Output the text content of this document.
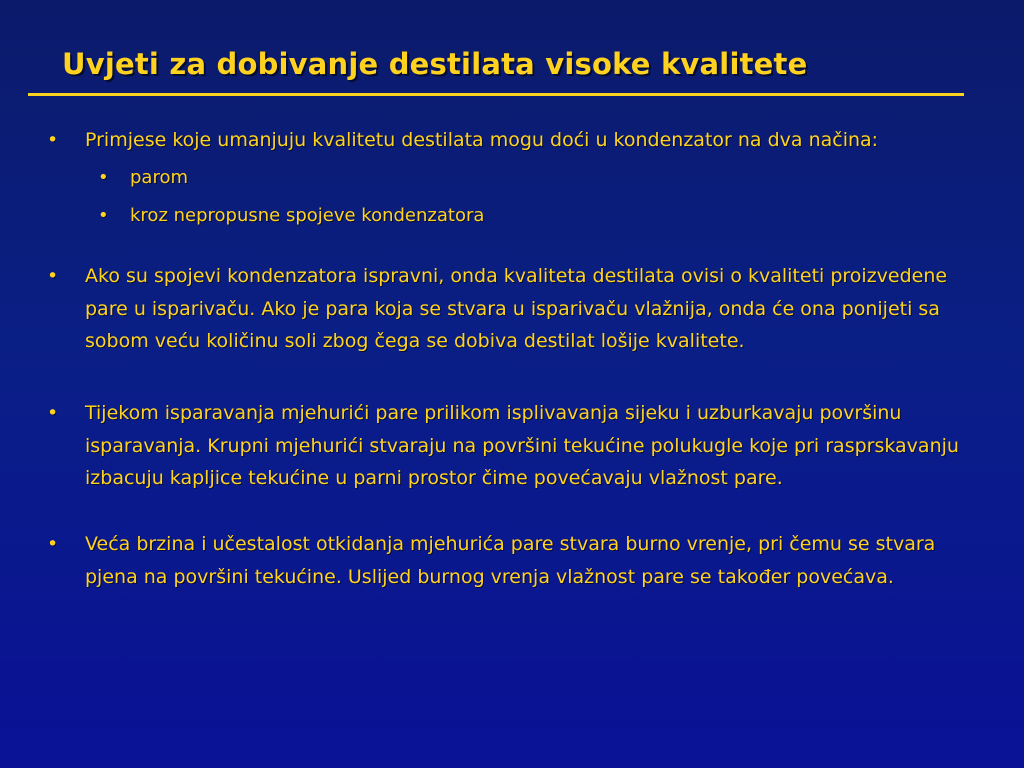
Uvjeti za dobivanje destilata visoke kvalitete
•	Primjese koje umanjuju kvalitetu destilata mogu doći u kondenzator na dva načina:
• parom
• kroz nepropusne spojeve kondenzatora
•	Ako su spojevi kondenzatora ispravni, onda kvaliteta destilata ovisi o kvaliteti proizvedene pare u isparivaču. Ako je para koja se stvara u isparivaču vlažnija, onda će ona ponijeti sa sobom veću količinu soli zbog čega se dobiva destilat lošije kvalitete.
•	Tijekom isparavanja mjehurići pare prilikom isplivavanja sijeku i uzburkavaju površinu isparavanja. Krupni mjehurići stvaraju na površini tekućine polukugle koje pri rasprskavanju izbacuju kapljice tekućine u parni prostor čime povećavaju vlažnost pare.
•	Veća brzina i učestalost otkidanja mjehurića pare stvara burno vrenje, pri čemu se stvara pjena na površini tekućine. Uslijed burnog vrenja vlažnost pare se također povećava.
